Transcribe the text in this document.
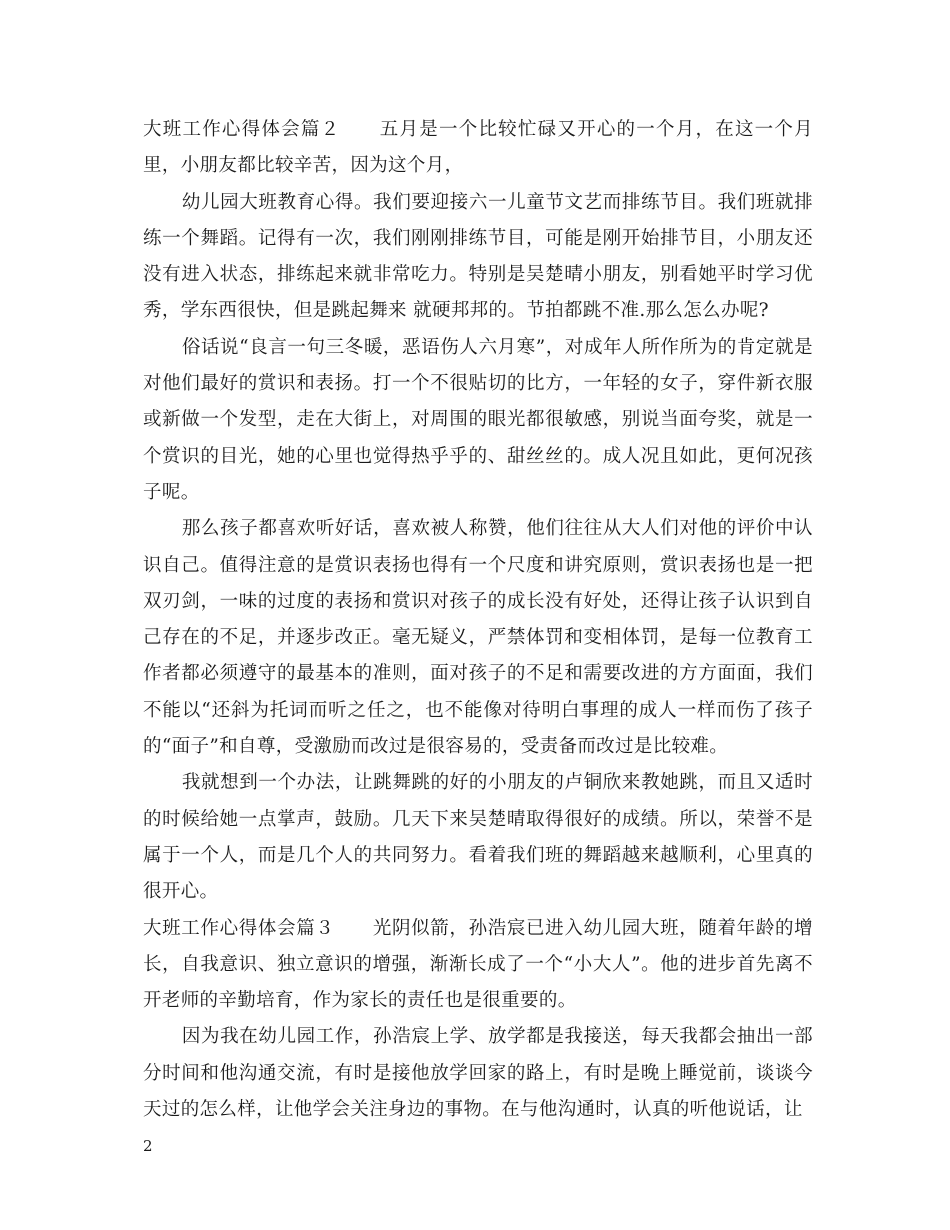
大班工作心得体会篇２　　五月是一个比较忙碌又开心的一个月，在这一个月里，小朋友都比较辛苦，因为这个月，

幼儿园大班教育心得。我们要迎接六一儿童节文艺而排练节目。我们班就排练一个舞蹈。记得有一次，我们刚刚排练节目，可能是刚开始排节目，小朋友还没有进入状态，排练起来就非常吃力。特别是吴楚晴小朋友，别看她平时学习优秀，学东西很快，但是跳起舞来 就硬邦邦的。节拍都跳不准.那么怎么办呢?

俗话说“良言一句三冬暖，恶语伤人六月寒”，对成年人所作所为的肯定就是对他们最好的赏识和表扬。打一个不很贴切的比方，一年轻的女子，穿件新衣服或新做一个发型，走在大街上，对周围的眼光都很敏感，别说当面夸奖，就是一个赏识的目光，她的心里也觉得热乎乎的、甜丝丝的。成人况且如此，更何况孩子呢。

那么孩子都喜欢听好话，喜欢被人称赞，他们往往从大人们对他的评价中认识自己。值得注意的是赏识表扬也得有一个尺度和讲究原则，赏识表扬也是一把双刃剑，一味的过度的表扬和赏识对孩子的成长没有好处，还得让孩子认识到自己存在的不足，并逐步改正。毫无疑义，严禁体罚和变相体罚，是每一位教育工作者都必须遵守的最基本的准则，面对孩子的不足和需要改进的方方面面，我们不能以“还斜为托词而听之任之，也不能像对待明白事理的成人一样而伤了孩子的“面子”和自尊，受激励而改过是很容易的，受责备而改过是比较难。

我就想到一个办法，让跳舞跳的好的小朋友的卢铜欣来教她跳，而且又适时的时候给她一点掌声，鼓励。几天下来吴楚晴取得很好的成绩。所以，荣誉不是属于一个人，而是几个人的共同努力。看着我们班的舞蹈越来越顺利，心里真的很开心。

大班工作心得体会篇３　　光阴似箭，孙浩宸已进入幼儿园大班，随着年龄的增长，自我意识、独立意识的增强，渐渐长成了一个“小大人”。他的进步首先离不开老师的辛勤培育，作为家长的责任也是很重要的。

因为我在幼儿园工作，孙浩宸上学、放学都是我接送，每天我都会抽出一部分时间和他沟通交流，有时是接他放学回家的路上，有时是晚上睡觉前，谈谈今天过的怎么样，让他学会关注身边的事物。在与他沟通时，认真的听他说话，让

2
